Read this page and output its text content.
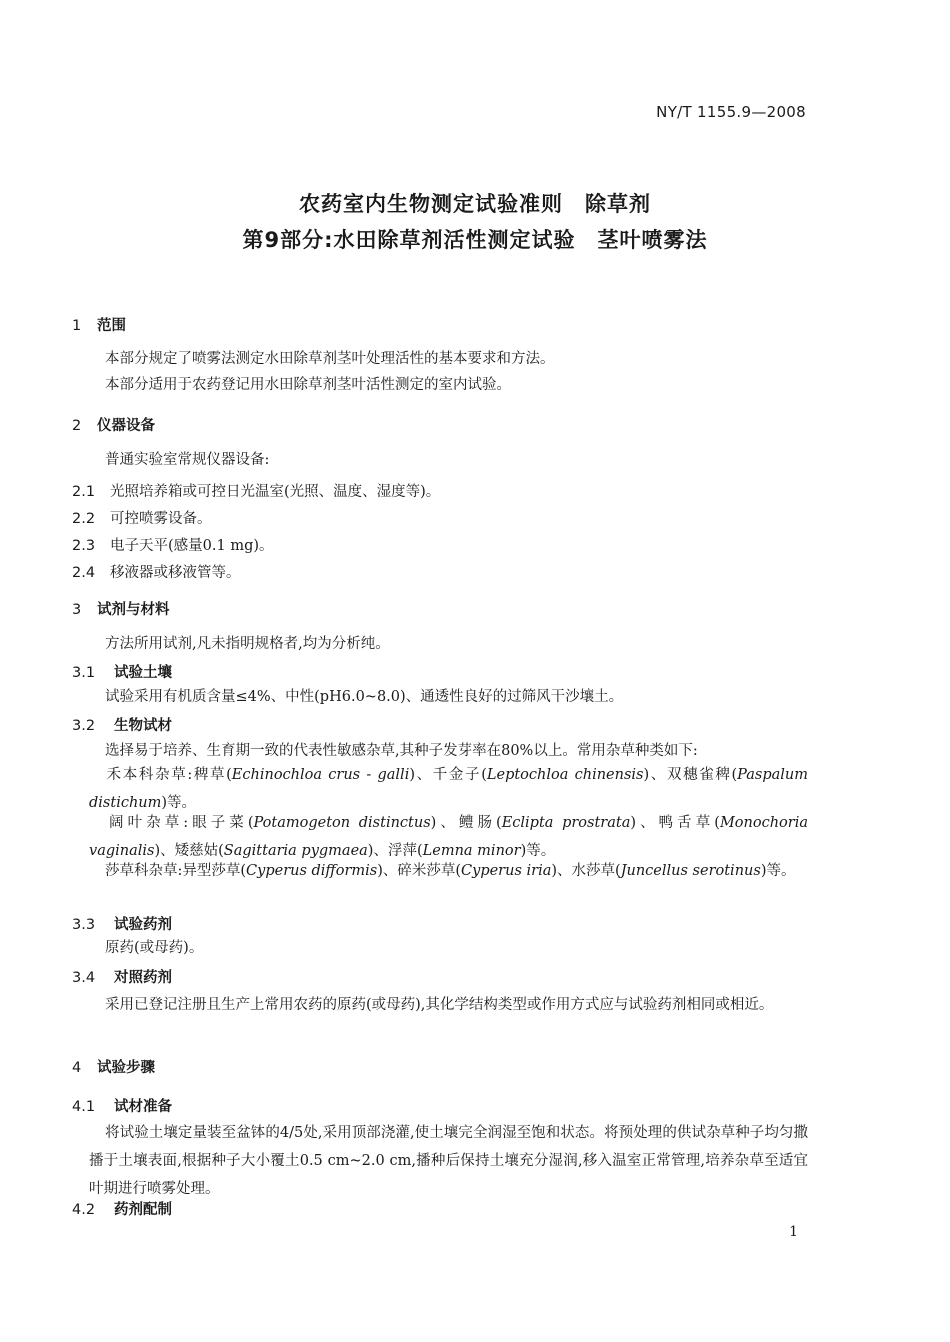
NY/T 1155.9—2008
农药室内生物测定试验准则　除草剂
第9部分:水田除草剂活性测定试验　茎叶喷雾法
1 范围
本部分规定了喷雾法测定水田除草剂茎叶处理活性的基本要求和方法。
本部分适用于农药登记用水田除草剂茎叶活性测定的室内试验。
2 仪器设备
普通实验室常规仪器设备:
2.1 光照培养箱或可控日光温室(光照、温度、湿度等)。
2.2 可控喷雾设备。
2.3 电子天平(感量0.1 mg)。
2.4 移液器或移液管等。
3 试剂与材料
方法所用试剂,凡未指明规格者,均为分析纯。
3.1 试验土壤
试验采用有机质含量≤4%、中性(pH6.0~8.0)、通透性良好的过筛风干沙壤土。
3.2 生物试材
选择易于培养、生育期一致的代表性敏感杂草,其种子发芽率在80%以上。常用杂草种类如下:
禾本科杂草:稗草(Echinochloa crus - galli)、千金子(Leptochloa chinensis)、双穗雀稗(Paspalum distichum)等。
阔叶杂草:眼子菜(Potamogeton distinctus)、鳢肠(Eclipta prostrata)、鸭舌草(Monochoria vaginalis)、矮慈姑(Sagittaria pygmaea)、浮萍(Lemna minor)等。
莎草科杂草:异型莎草(Cyperus difformis)、碎米莎草(Cyperus iria)、水莎草(Juncellus serotinus)等。
3.3 试验药剂
原药(或母药)。
3.4 对照药剂
采用已登记注册且生产上常用农药的原药(或母药),其化学结构类型或作用方式应与试验药剂相同或相近。
4 试验步骤
4.1 试材准备
将试验土壤定量装至盆钵的4/5处,采用顶部浇灌,使土壤完全润湿至饱和状态。将预处理的供试杂草种子均匀撒播于土壤表面,根据种子大小覆土0.5 cm~2.0 cm,播种后保持土壤充分湿润,移入温室正常管理,培养杂草至适宜叶期进行喷雾处理。
4.2 药剂配制
1
